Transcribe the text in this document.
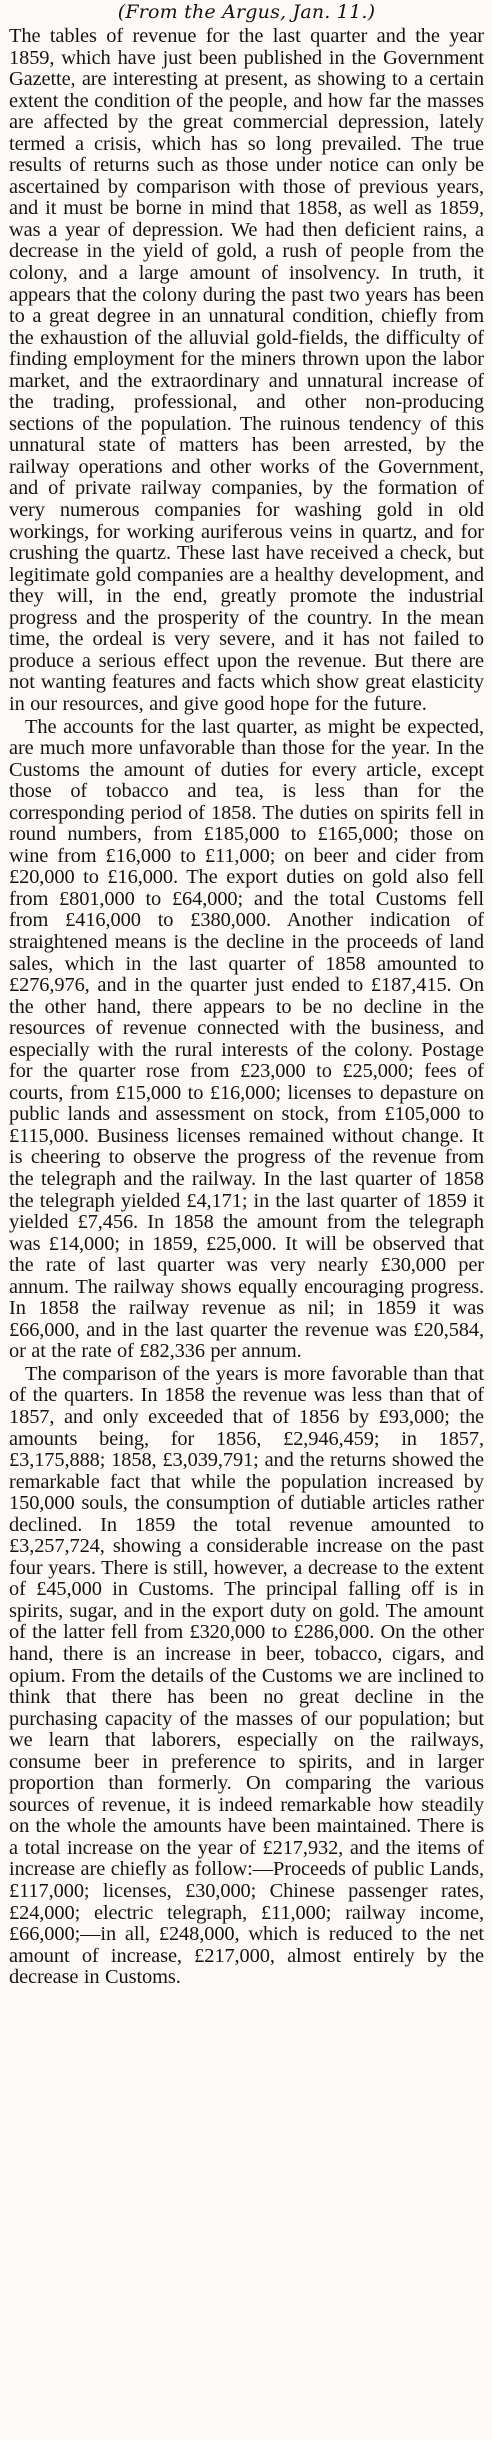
(From the Argus, Jan. 11.)

The tables of revenue for the last quarter and the year 1859, which have just been published in the Government Gazette, are interesting at present, as showing to a certain extent the condition of the people, and how far the masses are affected by the great commercial depression, lately termed a crisis, which has so long prevailed. The true results of returns such as those under notice can only be ascertained by comparison with those of previous years, and it must be borne in mind that 1858, as well as 1859, was a year of depression. We had then deficient rains, a decrease in the yield of gold, a rush of people from the colony, and a large amount of insolvency. In truth, it appears that the colony during the past two years has been to a great degree in an unnatural condition, chiefly from the exhaustion of the alluvial gold-fields, the difficulty of finding employment for the miners thrown upon the labor market, and the extraordinary and unnatural increase of the trading, professional, and other non-producing sections of the population. The ruinous tendency of this unnatural state of matters has been arrested, by the railway operations and other works of the Government, and of private railway companies, by the formation of very numerous companies for washing gold in old workings, for working auriferous veins in quartz, and for crushing the quartz. These last have received a check, but legitimate gold companies are a healthy development, and they will, in the end, greatly promote the industrial progress and the prosperity of the country. In the mean time, the ordeal is very severe, and it has not failed to produce a serious effect upon the revenue. But there are not wanting features and facts which show great elasticity in our resources, and give good hope for the future.

The accounts for the last quarter, as might be expected, are much more unfavorable than those for the year. In the Customs the amount of duties for every article, except those of tobacco and tea, is less than for the corresponding period of 1858. The duties on spirits fell in round numbers, from £185,000 to £165,000; those on wine from £16,000 to £11,000; on beer and cider from £20,000 to £16,000. The export duties on gold also fell from £801,000 to £64,000; and the total Customs fell from £416,000 to £380,000. Another indication of straightened means is the decline in the proceeds of land sales, which in the last quarter of 1858 amounted to £276,976, and in the quarter just ended to £187,415. On the other hand, there appears to be no decline in the resources of revenue connected with the business, and especially with the rural interests of the colony. Postage for the quarter rose from £23,000 to £25,000; fees of courts, from £15,000 to £16,000; licenses to depasture on public lands and assessment on stock, from £105,000 to £115,000. Business licenses remained without change. It is cheering to observe the progress of the revenue from the telegraph and the railway. In the last quarter of 1858 the telegraph yielded £4,171; in the last quarter of 1859 it yielded £7,456. In 1858 the amount from the telegraph was £14,000; in 1859, £25,000. It will be observed that the rate of last quarter was very nearly £30,000 per annum. The railway shows equally encouraging progress. In 1858 the railway revenue as nil; in 1859 it was £66,000, and in the last quarter the revenue was £20,584, or at the rate of £82,336 per annum.

The comparison of the years is more favorable than that of the quarters. In 1858 the revenue was less than that of 1857, and only exceeded that of 1856 by £93,000; the amounts being, for 1856, £2,946,459; in 1857, £3,175,888; 1858, £3,039,791; and the returns showed the remarkable fact that while the population increased by 150,000 souls, the consumption of dutiable articles rather declined. In 1859 the total revenue amounted to £3,257,724, showing a considerable increase on the past four years. There is still, however, a decrease to the extent of £45,000 in Customs. The principal falling off is in spirits, sugar, and in the export duty on gold. The amount of the latter fell from £320,000 to £286,000. On the other hand, there is an increase in beer, tobacco, cigars, and opium. From the details of the Customs we are inclined to think that there has been no great decline in the purchasing capacity of the masses of our population; but we learn that laborers, especially on the railways, consume beer in preference to spirits, and in larger proportion than formerly. On comparing the various sources of revenue, it is indeed remarkable how steadily on the whole the amounts have been maintained. There is a total increase on the year of £217,932, and the items of increase are chiefly as follow:—Proceeds of public Lands, £117,000; licenses, £30,000; Chinese passenger rates, £24,000; electric telegraph, £11,000; railway income, £66,000;—in all, £248,000, which is reduced to the net amount of increase, £217,000, almost entirely by the decrease in Customs.
